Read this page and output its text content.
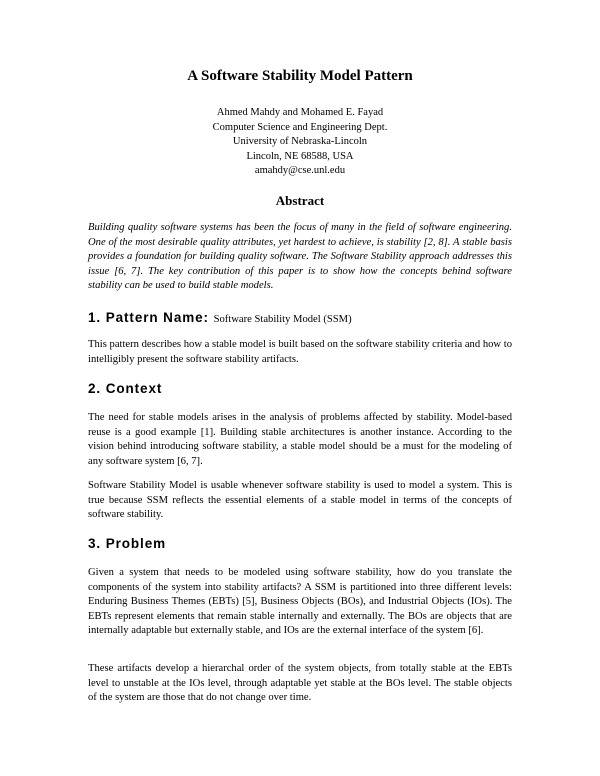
A Software Stability Model Pattern
Ahmed Mahdy and Mohamed E. Fayad
Computer Science and Engineering Dept.
University of Nebraska-Lincoln
Lincoln, NE 68588, USA
amahdy@cse.unl.edu
Abstract
Building quality software systems has been the focus of many in the field of software engineering. One of the most desirable quality attributes, yet hardest to achieve, is stability [2, 8]. A stable basis provides a foundation for building quality software. The Software Stability approach addresses this issue [6, 7]. The key contribution of this paper is to show how the concepts behind software stability can be used to build stable models.
1. Pattern Name: Software Stability Model (SSM)
This pattern describes how a stable model is built based on the software stability criteria and how to intelligibly present the software stability artifacts.
2. Context
The need for stable models arises in the analysis of problems affected by stability. Model-based reuse is a good example [1]. Building stable architectures is another instance. According to the vision behind introducing software stability, a stable model should be a must for the modeling of any software system [6, 7].
Software Stability Model is usable whenever software stability is used to model a system. This is true because SSM reflects the essential elements of a stable model in terms of the concepts of software stability.
3. Problem
Given a system that needs to be modeled using software stability, how do you translate the components of the system into stability artifacts? A SSM is partitioned into three different levels: Enduring Business Themes (EBTs) [5], Business Objects (BOs), and Industrial Objects (IOs). The EBTs represent elements that remain stable internally and externally. The BOs are objects that are internally adaptable but externally stable, and IOs are the external interface of the system [6].
These artifacts develop a hierarchal order of the system objects, from totally stable at the EBTs level to unstable at the IOs level, through adaptable yet stable at the BOs level. The stable objects of the system are those that do not change over time.
